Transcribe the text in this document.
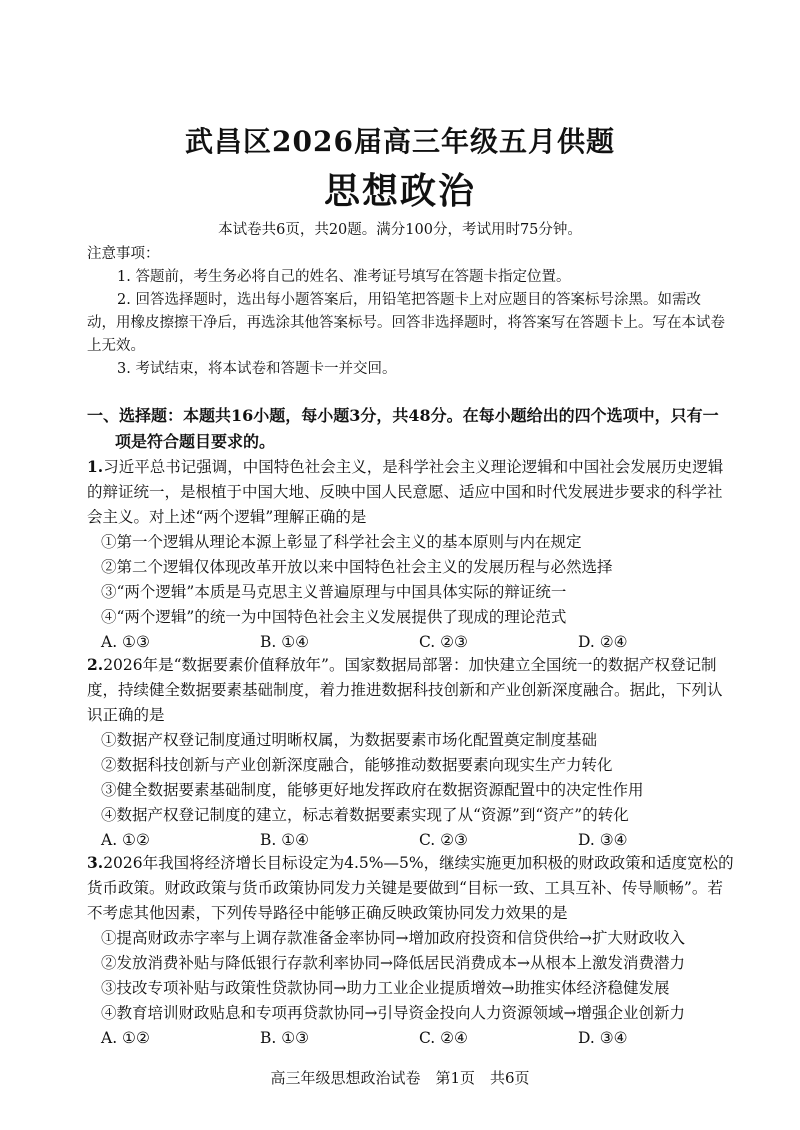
武昌区2026届高三年级五月供题
思想政治
本试卷共6页，共20题。满分100分，考试用时75分钟。

注意事项：

1. 答题前，考生务必将自己的姓名、准考证号填写在答题卡指定位置。

2. 回答选择题时，选出每小题答案后，用铅笔把答题卡上对应题目的答案标号涂黑。如需改动，用橡皮擦擦干净后，再选涂其他答案标号。回答非选择题时，将答案写在答题卡上。写在本试卷上无效。

3. 考试结束，将本试卷和答题卡一并交回。

一、选择题：本题共16小题，每小题3分，共48分。在每小题给出的四个选项中，只有一
项是符合题目要求的。

1.习近平总书记强调，中国特色社会主义，是科学社会主义理论逻辑和中国社会发展历史逻辑的辩证统一，是根植于中国大地、反映中国人民意愿、适应中国和时代发展进步要求的科学社会主义。对上述“两个逻辑”理解正确的是

①第一个逻辑从理论本源上彰显了科学社会主义的基本原则与内在规定

②第二个逻辑仅体现改革开放以来中国特色社会主义的发展历程与必然选择

③“两个逻辑”本质是马克思主义普遍原理与中国具体实际的辩证统一

④“两个逻辑”的统一为中国特色社会主义发展提供了现成的理论范式

A. ①③	B. ①④	C. ②③	D. ②④

2.2026年是“数据要素价值释放年”。国家数据局部署：加快建立全国统一的数据产权登记制度，持续健全数据要素基础制度，着力推进数据科技创新和产业创新深度融合。据此，下列认识正确的是

①数据产权登记制度通过明晰权属，为数据要素市场化配置奠定制度基础

②数据科技创新与产业创新深度融合，能够推动数据要素向现实生产力转化

③健全数据要素基础制度，能够更好地发挥政府在数据资源配置中的决定性作用

④数据产权登记制度的建立，标志着数据要素实现了从“资源”到“资产”的转化

A. ①②	B. ①④	C. ②③	D. ③④

3.2026年我国将经济增长目标设定为4.5%—5%，继续实施更加积极的财政政策和适度宽松的货币政策。财政政策与货币政策协同发力关键是要做到“目标一致、工具互补、传导顺畅”。若不考虑其他因素，下列传导路径中能够正确反映政策协同发力效果的是

①提高财政赤字率与上调存款准备金率协同→增加政府投资和信贷供给→扩大财政收入

②发放消费补贴与降低银行存款利率协同→降低居民消费成本→从根本上激发消费潜力

③技改专项补贴与政策性贷款协同→助力工业企业提质增效→助推实体经济稳健发展

④教育培训财政贴息和专项再贷款协同→引导资金投向人力资源领域→增强企业创新力

A. ①②	B. ①③	C. ②④	D. ③④
高三年级思想政治试卷　第1页　共6页
